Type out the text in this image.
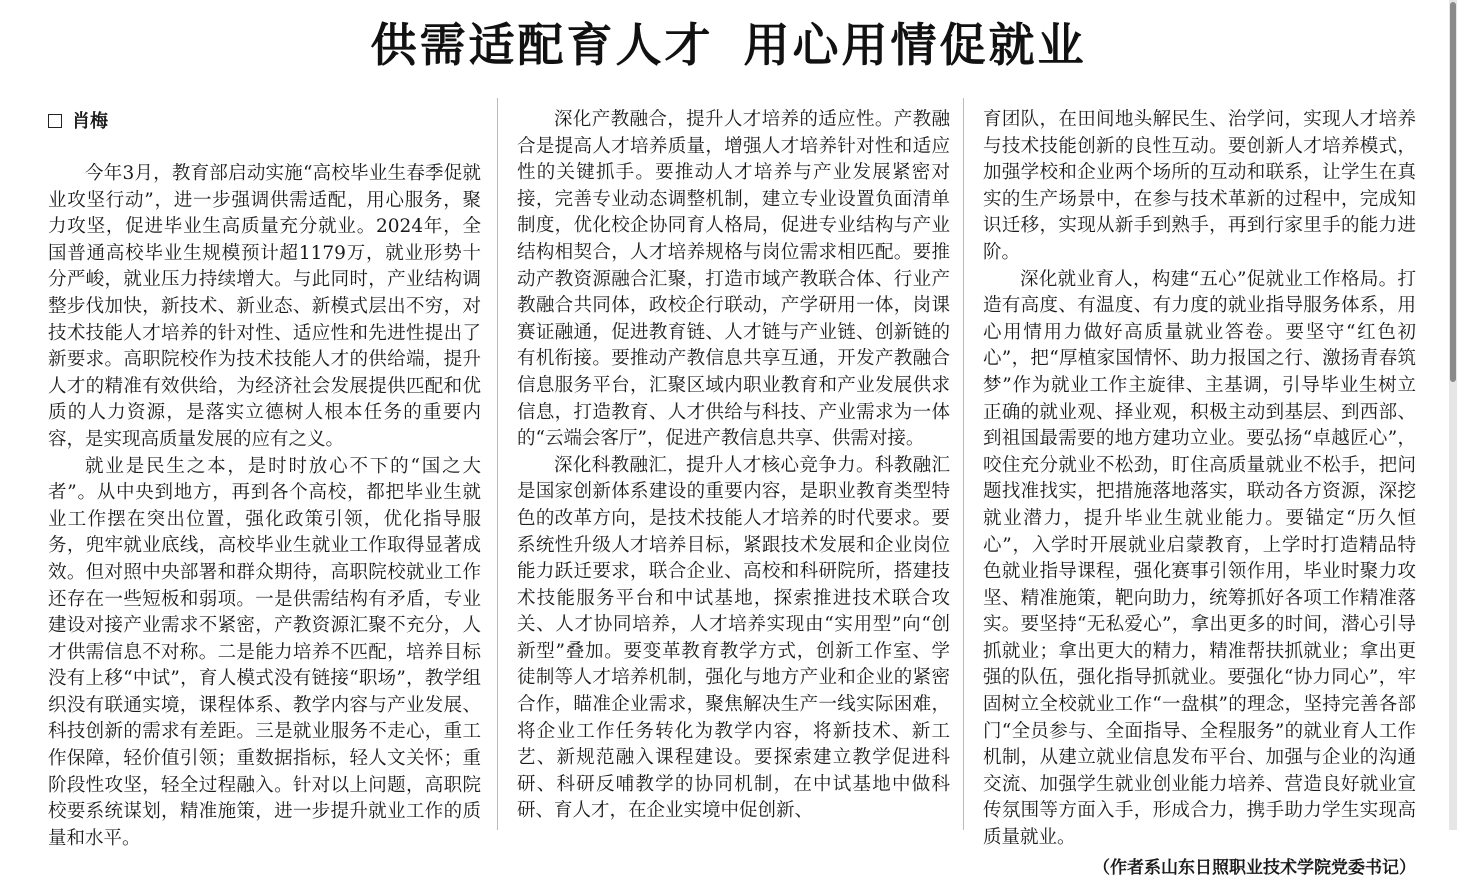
供需适配育人才 用心用情促就业
肖梅

今年3月，教育部启动实施“高校毕业生春季促就业攻坚行动”，进一步强调供需适配，用心服务，聚力攻坚，促进毕业生高质量充分就业。2024年，全国普通高校毕业生规模预计超1179万，就业形势十分严峻，就业压力持续增大。与此同时，产业结构调整步伐加快，新技术、新业态、新模式层出不穷，对技术技能人才培养的针对性、适应性和先进性提出了新要求。高职院校作为技术技能人才的供给端，提升人才的精准有效供给，为经济社会发展提供匹配和优质的人力资源，是落实立德树人根本任务的重要内容，是实现高质量发展的应有之义。

就业是民生之本，是时时放心不下的“国之大者”。从中央到地方，再到各个高校，都把毕业生就业工作摆在突出位置，强化政策引领，优化指导服务，兜牢就业底线，高校毕业生就业工作取得显著成效。但对照中央部署和群众期待，高职院校就业工作还存在一些短板和弱项。一是供需结构有矛盾，专业建设对接产业需求不紧密，产教资源汇聚不充分，人才供需信息不对称。二是能力培养不匹配，培养目标没有上移“中试”，育人模式没有链接“职场”，教学组织没有联通实境，课程体系、教学内容与产业发展、科技创新的需求有差距。三是就业服务不走心，重工作保障，轻价值引领；重数据指标，轻人文关怀；重阶段性攻坚，轻全过程融入。针对以上问题，高职院校要系统谋划，精准施策，进一步提升就业工作的质量和水平。

深化产教融合，提升人才培养的适应性。产教融合是提高人才培养质量，增强人才培养针对性和适应性的关键抓手。要推动人才培养与产业发展紧密对接，完善专业动态调整机制，建立专业设置负面清单制度，优化校企协同育人格局，促进专业结构与产业结构相契合，人才培养规格与岗位需求相匹配。要推动产教资源融合汇聚，打造市域产教联合体、行业产教融合共同体，政校企行联动，产学研用一体，岗课赛证融通，促进教育链、人才链与产业链、创新链的有机衔接。要推动产教信息共享互通，开发产教融合信息服务平台，汇聚区域内职业教育和产业发展供求信息，打造教育、人才供给与科技、产业需求为一体的“云端会客厅”，促进产教信息共享、供需对接。

深化科教融汇，提升人才核心竞争力。科教融汇是国家创新体系建设的重要内容，是职业教育类型特色的改革方向，是技术技能人才培养的时代要求。要系统性升级人才培养目标，紧跟技术发展和企业岗位能力跃迁要求，联合企业、高校和科研院所，搭建技术技能服务平台和中试基地，探索推进技术联合攻关、人才协同培养，人才培养实现由“实用型”向“创新型”叠加。要变革教育教学方式，创新工作室、学徒制等人才培养机制，强化与地方产业和企业的紧密合作，瞄准企业需求，聚焦解决生产一线实际困难，将企业工作任务转化为教学内容，将新技术、新工艺、新规范融入课程建设。要探索建立教学促进科研、科研反哺教学的协同机制，在中试基地中做科研、育人才，在企业实境中促创新、

育团队，在田间地头解民生、治学问，实现人才培养与技术技能创新的良性互动。要创新人才培养模式，加强学校和企业两个场所的互动和联系，让学生在真实的生产场景中，在参与技术革新的过程中，完成知识迁移，实现从新手到熟手，再到行家里手的能力进阶。

深化就业育人，构建“五心”促就业工作格局。打造有高度、有温度、有力度的就业指导服务体系，用心用情用力做好高质量就业答卷。要坚守“红色初心”，把“厚植家国情怀、助力报国之行、激扬青春筑梦”作为就业工作主旋律、主基调，引导毕业生树立正确的就业观、择业观，积极主动到基层、到西部、到祖国最需要的地方建功立业。要弘扬“卓越匠心”，咬住充分就业不松劲，盯住高质量就业不松手，把问题找准找实，把措施落地落实，联动各方资源，深挖就业潜力，提升毕业生就业能力。要锚定“历久恒心”，入学时开展就业启蒙教育，上学时打造精品特色就业指导课程，强化赛事引领作用，毕业时聚力攻坚、精准施策，靶向助力，统筹抓好各项工作精准落实。要坚持“无私爱心”，拿出更多的时间，潜心引导抓就业；拿出更大的精力，精准帮扶抓就业；拿出更强的队伍，强化指导抓就业。要强化“协力同心”，牢固树立全校就业工作“一盘棋”的理念，坚持完善各部门“全员参与、全面指导、全程服务”的就业育人工作机制，从建立就业信息发布平台、加强与企业的沟通交流、加强学生就业创业能力培养、营造良好就业宣传氛围等方面入手，形成合力，携手助力学生实现高质量就业。

（作者系山东日照职业技术学院党委书记）
